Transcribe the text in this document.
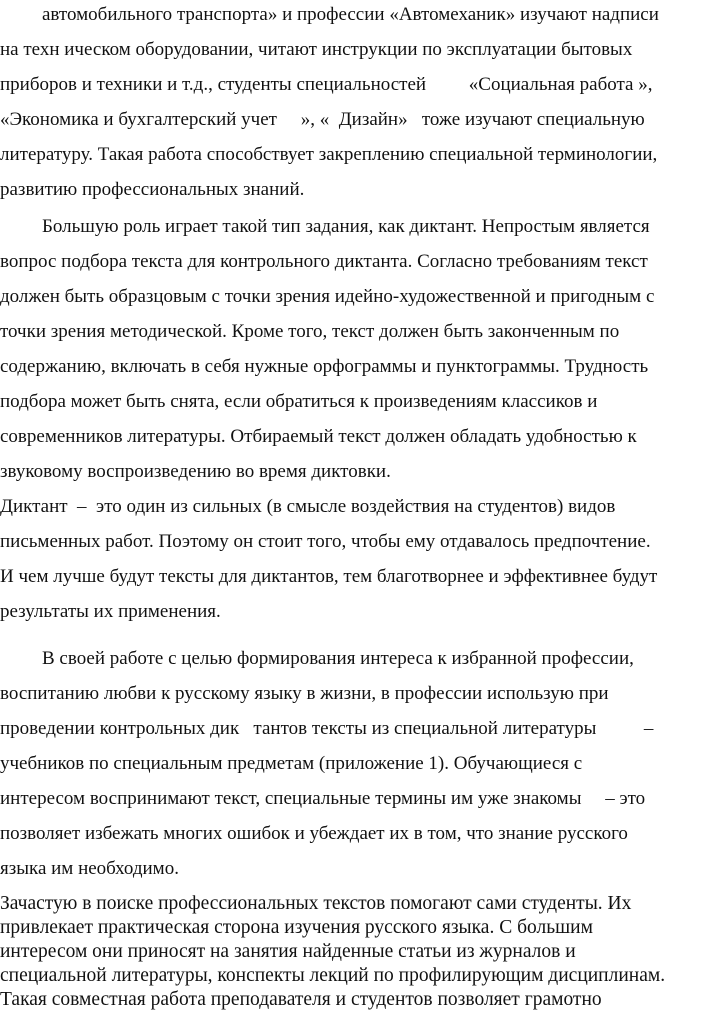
автомобильного транспорта» и профессии «Автомеханик» изучают надписи
на техн ическом оборудовании, читают инструкции по эксплуатации бытовых
приборов и техники и т.д., студенты специальностей         «Социальная работа »,
«Экономика и бухгалтерский учет     », «  Дизайн»   тоже изучают специальную
литературу. Такая работа способствует закреплению специальной терминологии,
развитию профессиональных знаний.
Большую роль играет такой тип задания, как диктант. Непростым является
вопрос подбора текста для контрольного диктанта. Согласно требованиям текст
должен быть образцовым с точки зрения идейно-художественной и пригодным с
точки зрения методической. Кроме того, текст должен быть законченным по
содержанию, включать в себя нужные орфограммы и пунктограммы. Трудность
подбора может быть снята, если обратиться к произведениям классиков и
современников литературы. Отбираемый текст должен обладать удобностью к
звуковому воспроизведению во время диктовки.
Диктант  –  это один из сильных (в смысле воздействия на студентов) видов
письменных работ. Поэтому он стоит того, чтобы ему отдавалось предпочтение.
И чем лучше будут тексты для диктантов, тем благотворнее и эффективнее будут
результаты их применения.
В своей работе с целью формирования интереса к избранной профессии,
воспитанию любви к русскому языку в жизни, в профессии использую при
проведении контрольных дик   тантов тексты из специальной литературы          –
учебников по специальным предметам (приложение 1). Обучающиеся с
интересом воспринимают текст, специальные термины им уже знакомы     – это
позволяет избежать многих ошибок и убеждает их в том, что знание русского
языка им необходимо.
Зачастую в поиске профессиональных текстов помогают сами студенты. Их
привлекает практическая сторона изучения русского языка. С большим
интересом они приносят на занятия найденные статьи из журналов и
специальной литературы, конспекты лекций по профилирующим дисциплинам.
Такая совместная работа преподавателя и студентов позволяет грамотно
